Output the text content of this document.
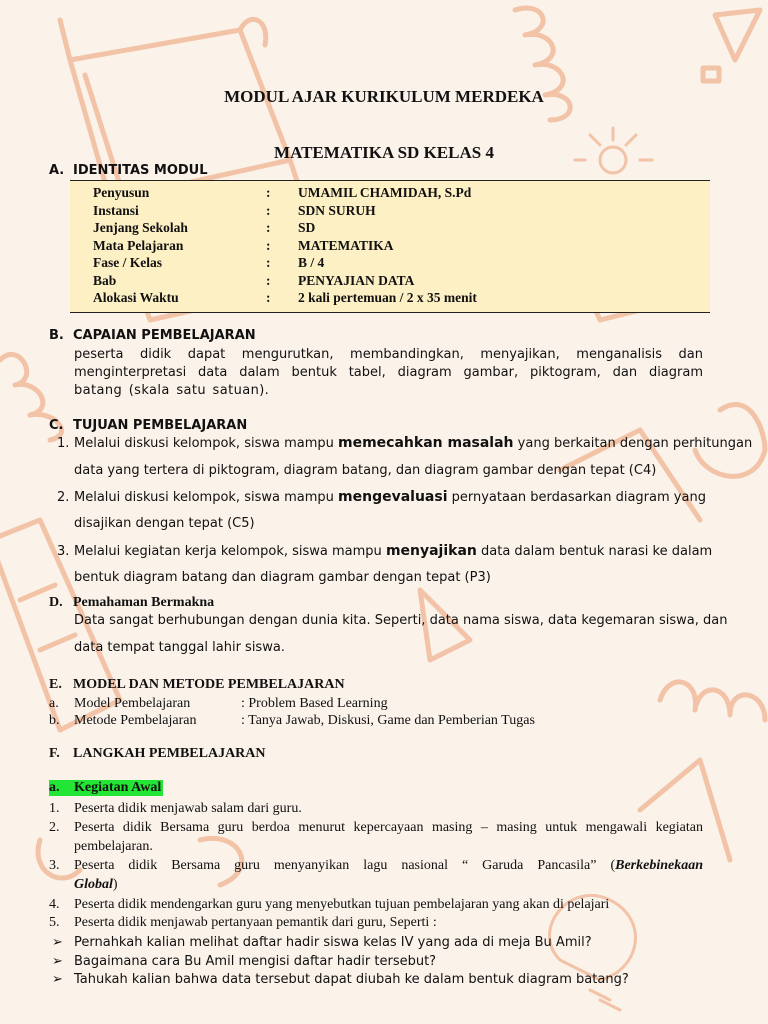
MODUL AJAR KURIKULUM MERDEKA
MATEMATIKA SD KELAS 4
A. IDENTITAS MODUL
Penyusun	: UMAMIL CHAMIDAH, S.Pd
Instansi	: SDN SURUH
Jenjang Sekolah	: SD
Mata Pelajaran	: MATEMATIKA
Fase / Kelas	: B / 4
Bab	: PENYAJIAN DATA
Alokasi Waktu	: 2 kali pertemuan / 2 x 35 menit
B. CAPAIAN PEMBELAJARAN
peserta didik dapat mengurutkan, membandingkan, menyajikan, menganalisis dan
menginterpretasi data dalam bentuk tabel, diagram gambar, piktogram, dan diagram
batang (skala satu satuan).
C. TUJUAN PEMBELAJARAN
1. Melalui diskusi kelompok, siswa mampu memecahkan masalah yang berkaitan dengan perhitungan
data yang tertera di piktogram, diagram batang, dan diagram gambar dengan tepat (C4)
2. Melalui diskusi kelompok, siswa mampu mengevaluasi pernyataan berdasarkan diagram yang
disajikan dengan tepat (C5)
3. Melalui kegiatan kerja kelompok, siswa mampu menyajikan data dalam bentuk narasi ke dalam
bentuk diagram batang dan diagram gambar dengan tepat (P3)
D. Pemahaman Bermakna
Data sangat berhubungan dengan dunia kita. Seperti, data nama siswa, data kegemaran siswa, dan
data tempat tanggal lahir siswa.
E. MODEL DAN METODE PEMBELAJARAN
a. Model Pembelajaran	: Problem Based Learning
b. Metode Pembelajaran	: Tanya Jawab, Diskusi, Game dan Pemberian Tugas
F. LANGKAH PEMBELAJARAN
a. Kegiatan Awal
1. Peserta didik menjawab salam dari guru.
2. Peserta didik Bersama guru berdoa menurut kepercayaan masing – masing untuk mengawali kegiatan
pembelajaran.
3. Peserta didik Bersama guru menyanyikan lagu nasional “ Garuda Pancasila” (Berkebinekaan
Global)
4. Peserta didik mendengarkan guru yang menyebutkan tujuan pembelajaran yang akan di pelajari
5. Peserta didik menjawab pertanyaan pemantik dari guru, Seperti :
➢ Pernahkah kalian melihat daftar hadir siswa kelas IV yang ada di meja Bu Amil?
➢ Bagaimana cara Bu Amil mengisi daftar hadir tersebut?
➢ Tahukah kalian bahwa data tersebut dapat diubah ke dalam bentuk diagram batang?
